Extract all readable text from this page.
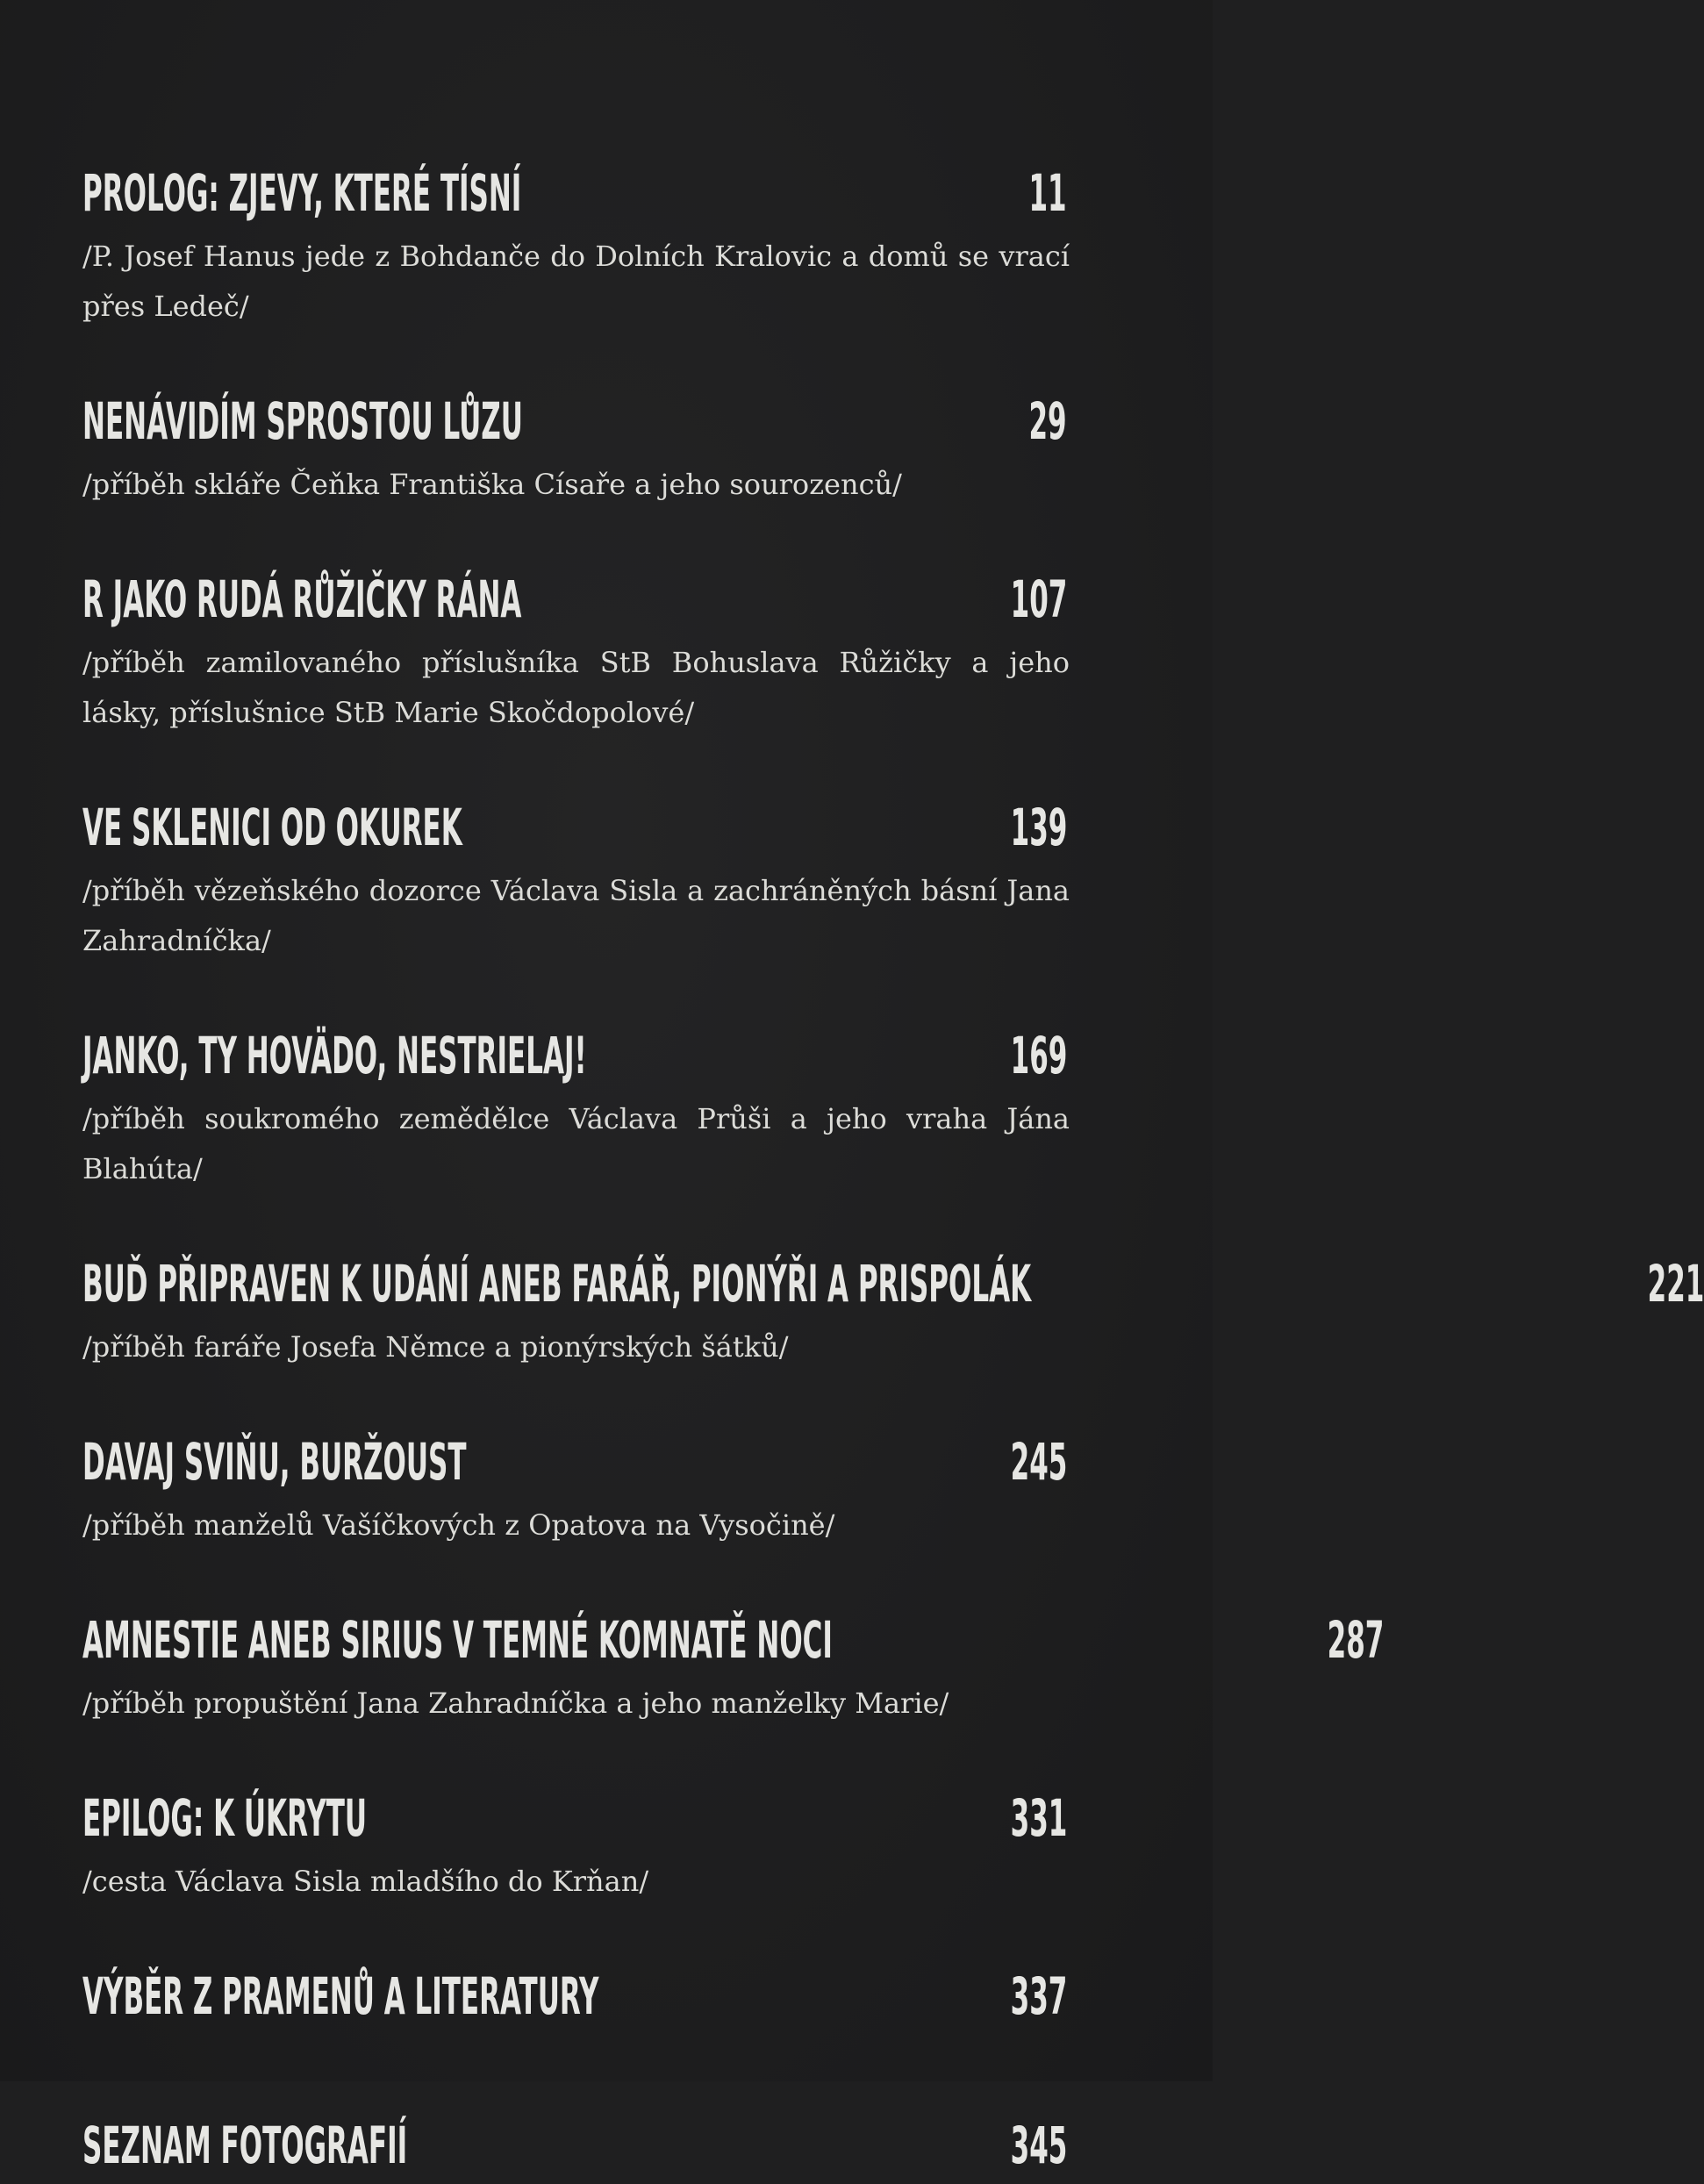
PROLOG: ZJEVY, KTERÉ TÍSNÍ	11
/P. Josef Hanus jede z Bohdanče do Dolních Kralovic a domů se vrací přes Ledeč/
NENÁVIDÍM SPROSTOU LŮZU	29
/příběh skláře Čeňka Františka Císaře a jeho sourozenců/
R JAKO RUDÁ RŮŽIČKY RÁNA	107
/příběh zamilovaného příslušníka StB Bohuslava Růžičky a jeho lásky, příslušnice StB Marie Skočdopolové/
VE SKLENICI OD OKUREK	139
/příběh vězeňského dozorce Václava Sisla a zachráněných básní Jana Zahradníčka/
JANKO, TY HOVÄDO, NESTRIELAJ!	169
/příběh soukromého zemědělce Václava Průši a jeho vraha Jána Blahúta/
BUĎ PŘIPRAVEN K UDÁNÍ ANEB FARÁŘ, PIONÝŘI A PRISPOLÁK	221
/příběh faráře Josefa Němce a pionýrských šátků/
DAVAJ SVIŇU, BURŽOUST	245
/příběh manželů Vašíčkových z Opatova na Vysočině/
AMNESTIE ANEB SIRIUS V TEMNÉ KOMNATĚ NOCI	287
/příběh propuštění Jana Zahradníčka a jeho manželky Marie/
EPILOG: K ÚKRYTU	331
/cesta Václava Sisla mladšího do Krňan/
VÝBĚR Z PRAMENŮ A LITERATURY	337
SEZNAM FOTOGRAFIÍ	345
